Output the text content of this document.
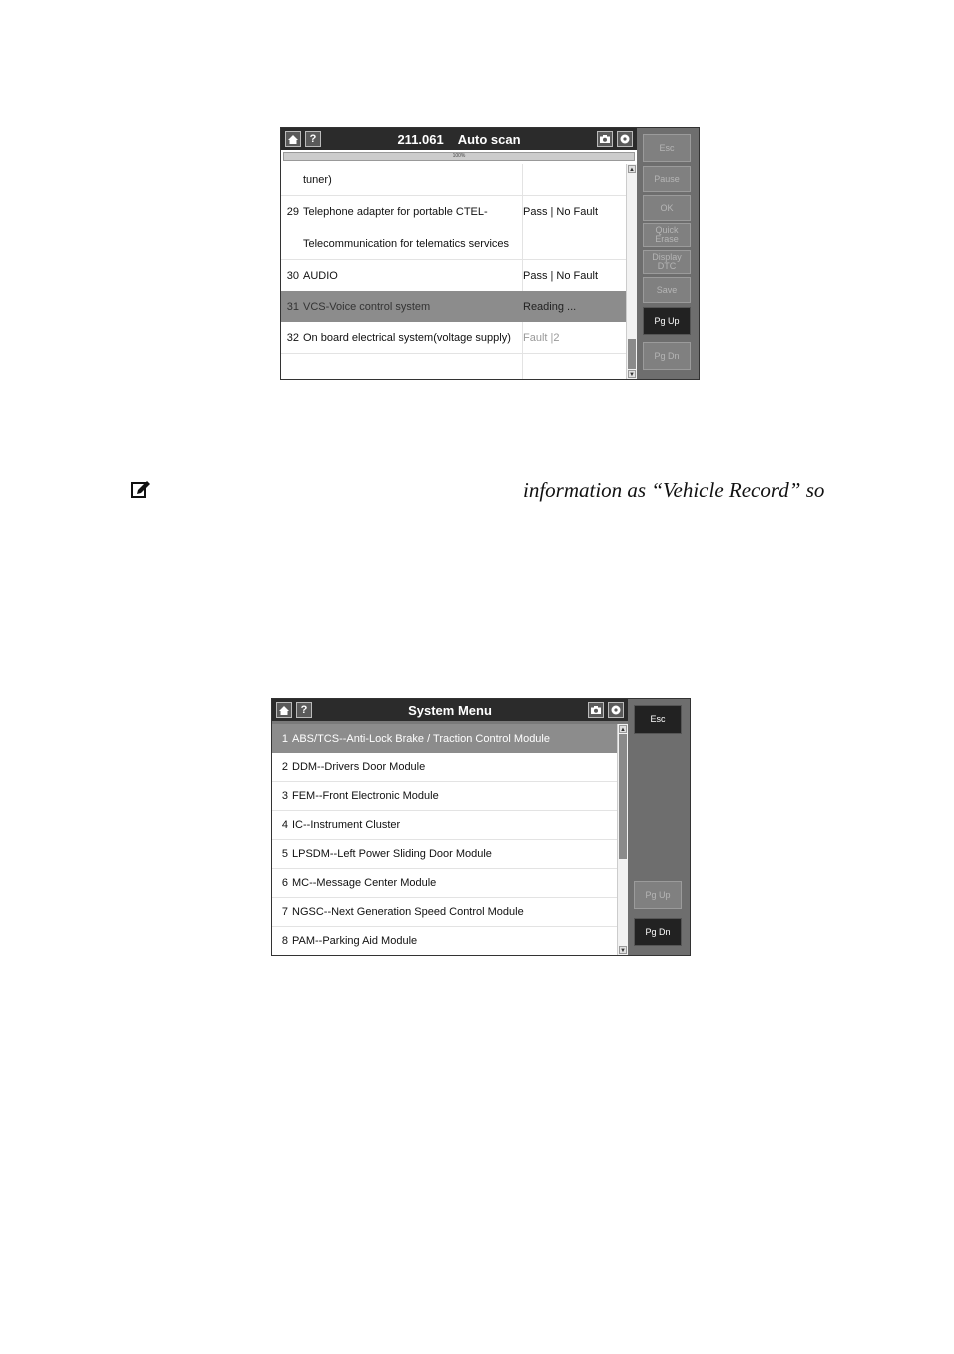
?	211.061    Auto scan
100%
tuner)
29 Telephone adapter for portable CTEL-	Pass | No Fault
Telecommunication for telematics services
30 AUDIO	Pass | No Fault
31 VCS-Voice control system	Reading ...
32 On board electrical system(voltage supply) Fault |2
▲
▼
Esc
Pause
OK
Quick Erase
Display DTC
Save
Pg Up
Pg Dn
information as “Vehicle Record” so
?	System Menu
1 ABS/TCS--Anti-Lock Brake / Traction Control Module
2 DDM--Drivers Door Module
3 FEM--Front Electronic Module
4 IC--Instrument Cluster
5 LPSDM--Left Power Sliding Door Module
6 MC--Message Center Module
7 NGSC--Next Generation Speed Control Module
8 PAM--Parking Aid Module
▲
▼
Esc
Pg Up
Pg Dn
